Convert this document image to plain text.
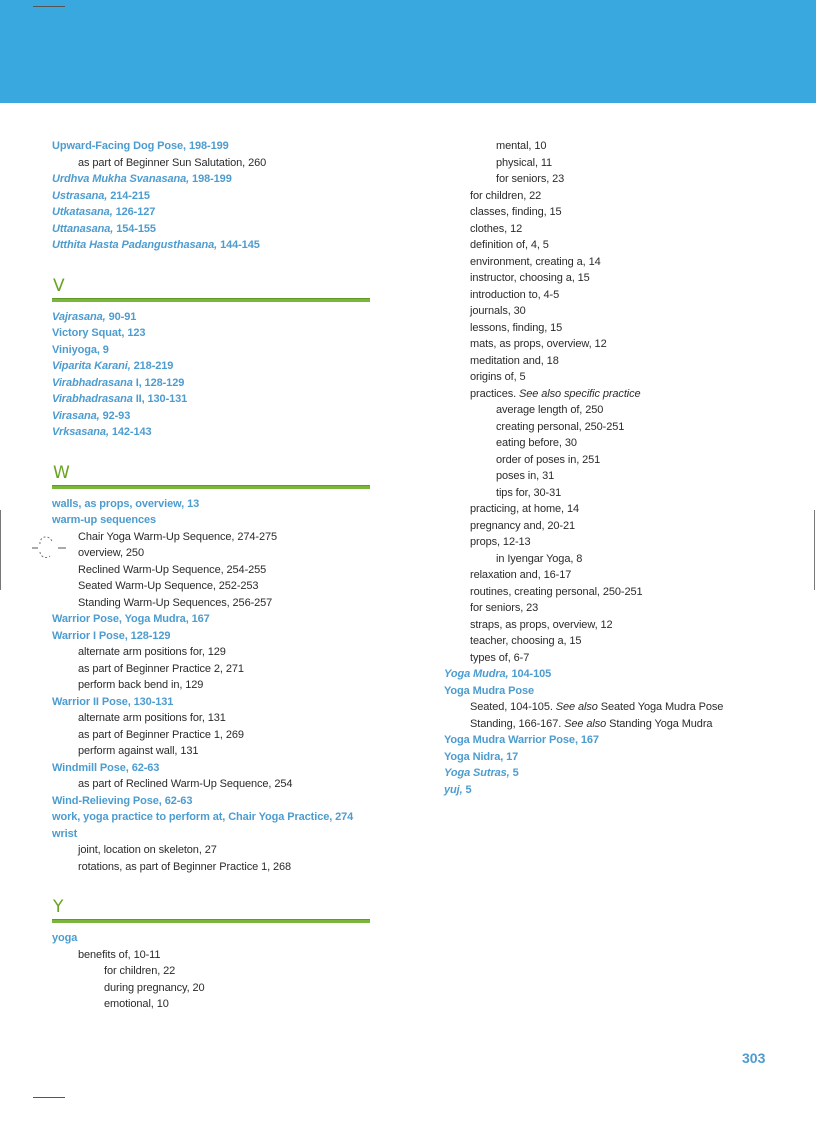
Upward-Facing Dog Pose, 198-199
as part of Beginner Sun Salutation, 260
Urdhva Mukha Svanasana, 198-199
Ustrasana, 214-215
Utkatasana, 126-127
Uttanasana, 154-155
Utthita Hasta Padangusthasana, 144-145
V
Vajrasana, 90-91
Victory Squat, 123
Viniyoga, 9
Viparita Karani, 218-219
Virabhadrasana I, 128-129
Virabhadrasana II, 130-131
Virasana, 92-93
Vrksasana, 142-143
W
walls, as props, overview, 13
warm-up sequences
Chair Yoga Warm-Up Sequence, 274-275
overview, 250
Reclined Warm-Up Sequence, 254-255
Seated Warm-Up Sequence, 252-253
Standing Warm-Up Sequences, 256-257
Warrior Pose, Yoga Mudra, 167
Warrior I Pose, 128-129
alternate arm positions for, 129
as part of Beginner Practice 2, 271
perform back bend in, 129
Warrior II Pose, 130-131
alternate arm positions for, 131
as part of Beginner Practice 1, 269
perform against wall, 131
Windmill Pose, 62-63
as part of Reclined Warm-Up Sequence, 254
Wind-Relieving Pose, 62-63
work, yoga practice to perform at, Chair Yoga Practice, 274
wrist
joint, location on skeleton, 27
rotations, as part of Beginner Practice 1, 268
Y
yoga
benefits of, 10-11
for children, 22
during pregnancy, 20
emotional, 10
mental, 10
physical, 11
for seniors, 23
for children, 22
classes, finding, 15
clothes, 12
definition of, 4, 5
environment, creating a, 14
instructor, choosing a, 15
introduction to, 4-5
journals, 30
lessons, finding, 15
mats, as props, overview, 12
meditation and, 18
origins of, 5
practices. See also specific practice
average length of, 250
creating personal, 250-251
eating before, 30
order of poses in, 251
poses in, 31
tips for, 30-31
practicing, at home, 14
pregnancy and, 20-21
props, 12-13
in Iyengar Yoga, 8
relaxation and, 16-17
routines, creating personal, 250-251
for seniors, 23
straps, as props, overview, 12
teacher, choosing a, 15
types of, 6-7
Yoga Mudra, 104-105
Yoga Mudra Pose
Seated, 104-105. See also Seated Yoga Mudra Pose
Standing, 166-167. See also Standing Yoga Mudra
Yoga Mudra Warrior Pose, 167
Yoga Nidra, 17
Yoga Sutras, 5
yuj, 5
303
